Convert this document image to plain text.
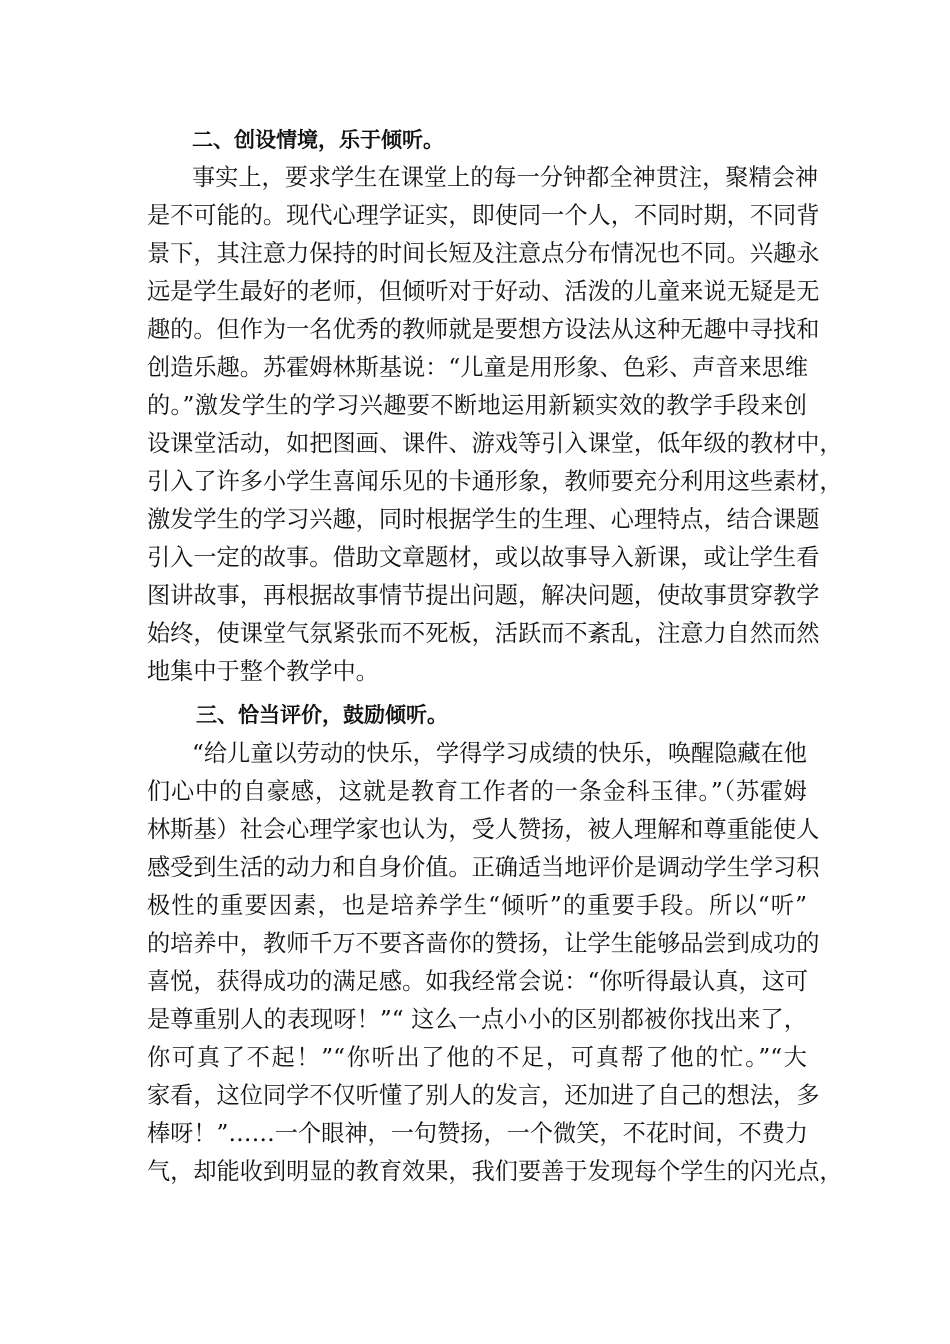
二、创设情境，乐于倾听。
事实上，要求学生在课堂上的每一分钟都全神贯注，聚精会神
是不可能的。现代心理学证实，即使同一个人，不同时期，不同背
景下，其注意力保持的时间长短及注意点分布情况也不同。兴趣永
远是学生最好的老师，但倾听对于好动、活泼的儿童来说无疑是无
趣的。但作为一名优秀的教师就是要想方设法从这种无趣中寻找和
创造乐趣。苏霍姆林斯基说：“儿童是用形象、色彩、声音来思维
的。”激发学生的学习兴趣要不断地运用新颖实效的教学手段来创
设课堂活动，如把图画、课件、游戏等引入课堂，低年级的教材中，
引入了许多小学生喜闻乐见的卡通形象，教师要充分利用这些素材，
激发学生的学习兴趣，同时根据学生的生理、心理特点，结合课题
引入一定的故事。借助文章题材，或以故事导入新课，或让学生看
图讲故事，再根据故事情节提出问题，解决问题，使故事贯穿教学
始终，使课堂气氛紧张而不死板，活跃而不紊乱，注意力自然而然
地集中于整个教学中。
三、恰当评价，鼓励倾听。
“给儿童以劳动的快乐，学得学习成绩的快乐，唤醒隐藏在他
们心中的自豪感，这就是教育工作者的一条金科玉律。”（苏霍姆
林斯基）社会心理学家也认为，受人赞扬，被人理解和尊重能使人
感受到生活的动力和自身价值。正确适当地评价是调动学生学习积
极性的重要因素，也是培养学生“倾听”的重要手段。所以“听”
的培养中，教师千万不要吝啬你的赞扬，让学生能够品尝到成功的
喜悦，获得成功的满足感。如我经常会说：“你听得最认真，这可
是尊重别人的表现呀！”“ 这么一点小小的区别都被你找出来了，
你可真了不起！”“你听出了他的不足，可真帮了他的忙。”“大
家看，这位同学不仅听懂了别人的发言，还加进了自己的想法，多
棒呀！”……一个眼神，一句赞扬，一个微笑，不花时间，不费力
气，却能收到明显的教育效果，我们要善于发现每个学生的闪光点，
